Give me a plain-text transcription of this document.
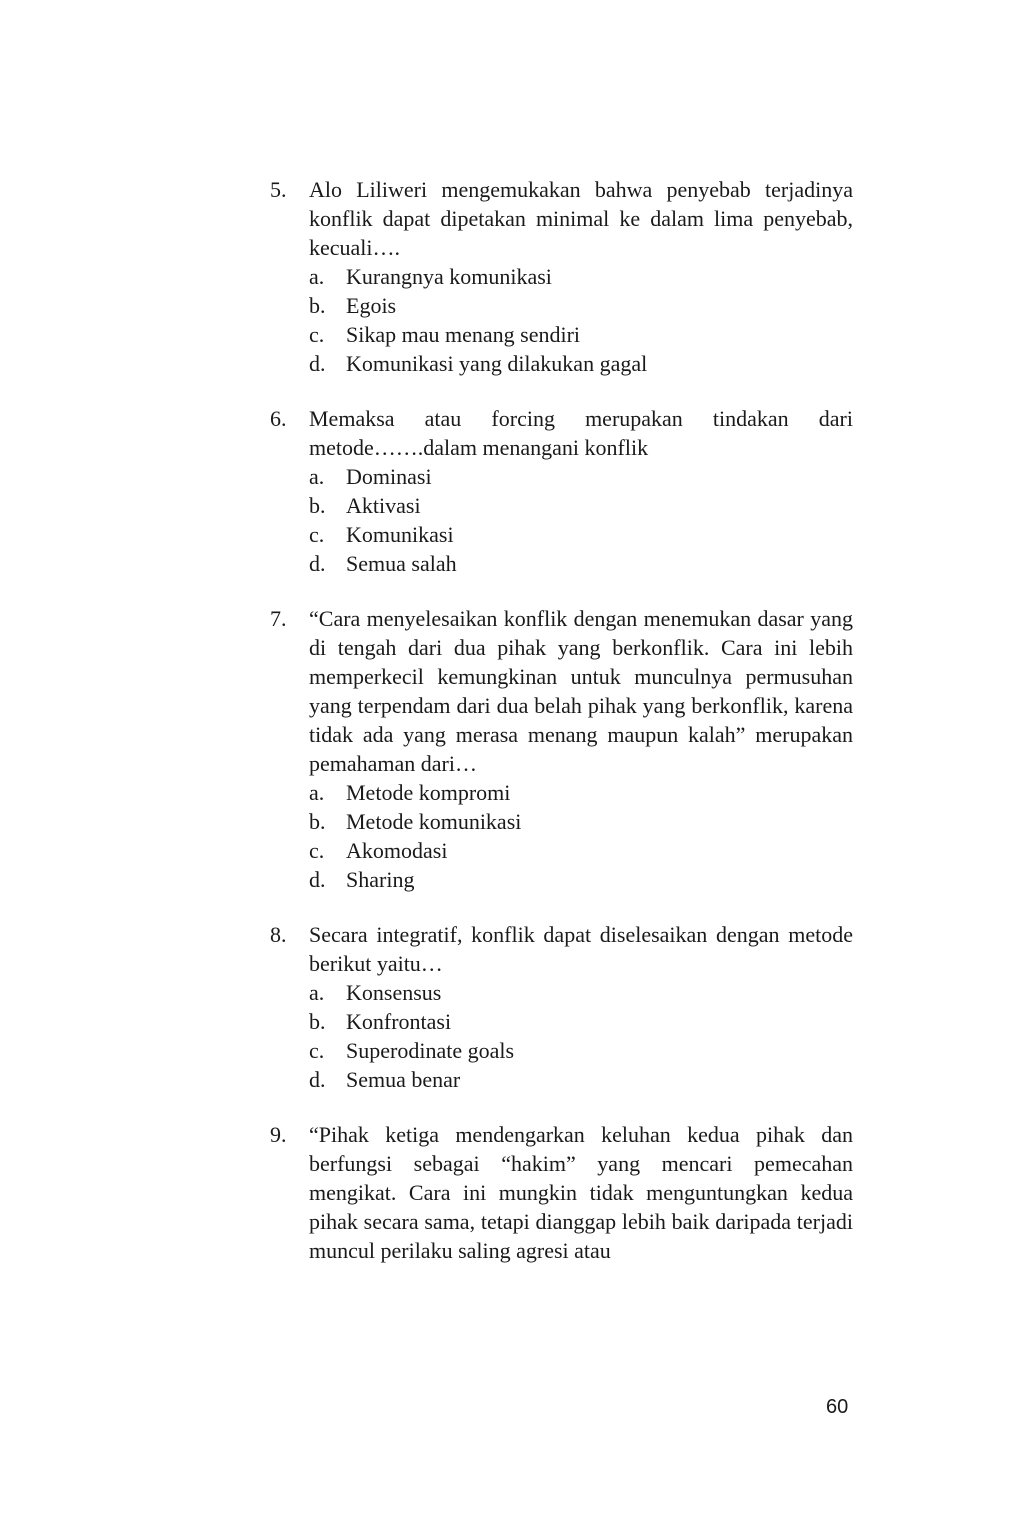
5. Alo Liliweri mengemukakan bahwa penyebab terjadinya konflik dapat dipetakan minimal ke dalam lima penyebab, kecuali….

a. Kurangnya komunikasi
b. Egois
c. Sikap mau menang sendiri
d. Komunikasi yang dilakukan gagal
6. Memaksa atau forcing merupakan tindakan dari metode…….dalam menangani konflik

a. Dominasi
b. Aktivasi
c. Komunikasi
d. Semua salah
7. “Cara menyelesaikan konflik dengan menemukan dasar yang di tengah dari dua pihak yang berkonflik. Cara ini lebih memperkecil kemungkinan untuk munculnya permusuhan yang terpendam dari dua belah pihak yang berkonflik, karena tidak ada yang merasa menang maupun kalah” merupakan pemahaman dari…

a. Metode kompromi
b. Metode komunikasi
c. Akomodasi
d. Sharing
8. Secara integratif, konflik dapat diselesaikan dengan metode berikut yaitu…

a. Konsensus
b. Konfrontasi
c. Superodinate goals
d. Semua benar
9. “Pihak ketiga mendengarkan keluhan kedua pihak dan berfungsi sebagai “hakim” yang mencari pemecahan mengikat. Cara ini mungkin tidak menguntungkan kedua pihak secara sama, tetapi dianggap lebih baik daripada terjadi muncul perilaku saling agresi atau

60
